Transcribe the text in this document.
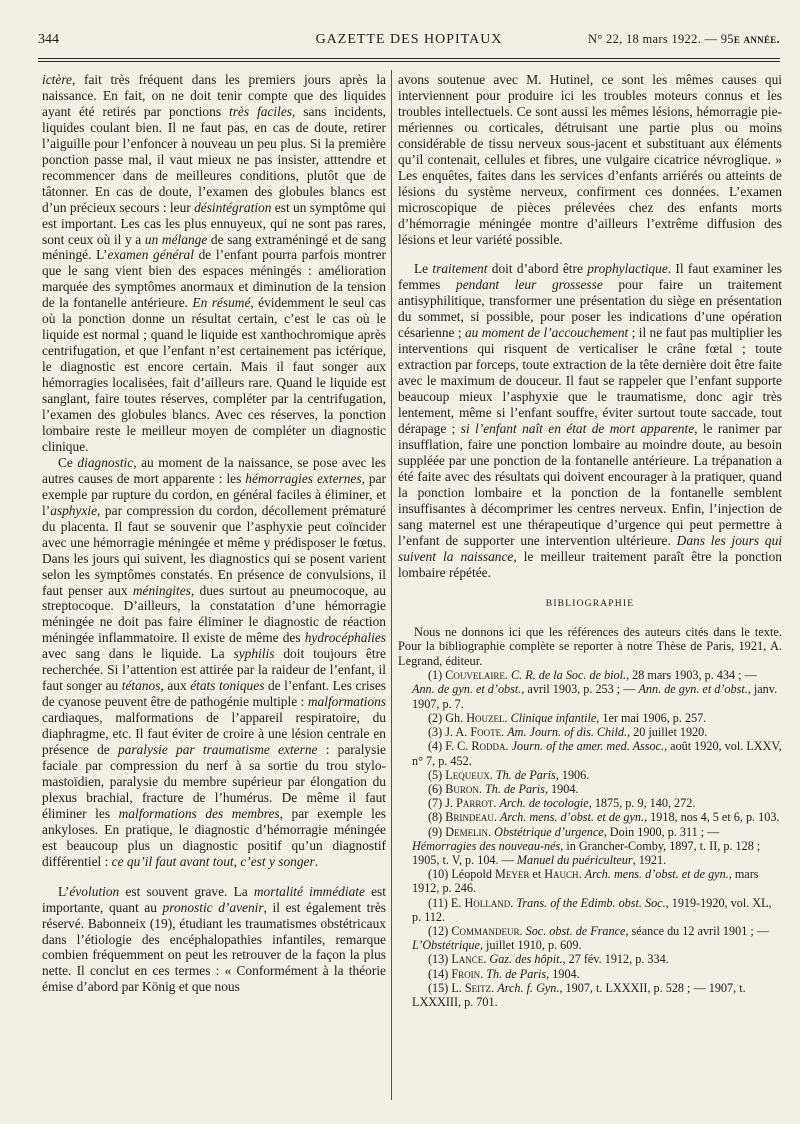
344	GAZETTE DES HOPITAUX	N° 22, 18 mars 1922. — 95e année.

ictère, fait très fréquent dans les premiers jours après la naissance. En fait, on ne doit tenir compte que des liquides ayant été retirés par ponctions très faciles, sans incidents, liquides coulant bien. Il ne faut pas, en cas de doute, retirer l’aiguille pour l’enfoncer à nouveau un peu plus. Si la première ponction passe mal, il vaut mieux ne pas insister, atttendre et recommencer dans de meilleures conditions, plutôt que de tâtonner. En cas de doute, l’examen des globules blancs est d’un précieux secours : leur désintégration est un symptôme qui est important. Les cas les plus ennuyeux, qui ne sont pas rares, sont ceux où il y a un mélange de sang extraméningé et de sang méningé. L’examen général de l’enfant pourra parfois montrer que le sang vient bien des espaces méningés : amélioration marquée des symptômes anormaux et diminution de la tension de la fontanelle antérieure. En résumé, évidemment le seul cas où la ponction donne un résultat certain, c’est le cas où le liquide est normal ; quand le liquide est xanthochromique après centrifugation, et que l’enfant n’est certainement pas ictérique, le diagnostic est encore certain. Mais il faut songer aux hémorragies localisées, fait d’ailleurs rare. Quand le liquide est sanglant, faire toutes réserves, compléter par la centrifugation, l’examen des globules blancs. Avec ces réserves, la ponction lombaire reste le meilleur moyen de compléter un diagnostic clinique.

Ce diagnostic, au moment de la naissance, se pose avec les autres causes de mort apparente : les hémorragies externes, par exemple par rupture du cordon, en général faciles à éliminer, et l’asphyxie, par compression du cordon, décollement prématuré du placenta. Il faut se souvenir que l’asphyxie peut coïncider avec une hémorragie méningée et même y prédisposer le fœtus. Dans les jours qui suivent, les diagnostics qui se posent varient selon les symptômes constatés. En présence de convulsions, il faut penser aux méningites, dues surtout au pneumocoque, au streptocoque. D’ailleurs, la constatation d’une hémorragie méningée ne doit pas faire éliminer le diagnostic de réaction méningée inflammatoire. Il existe de même des hydrocéphalies avec sang dans le liquide. La syphilis doit toujours être recherchée. Si l’attention est attirée par la raideur de l’enfant, il faut songer au tétanos, aux états toniques de l’enfant. Les crises de cyanose peuvent être de pathogénie multiple : malformations cardiaques, malformations de l’appareil respiratoire, du diaphragme, etc. Il faut éviter de croire à une lésion centrale en présence de paralysie par traumatisme externe : paralysie faciale par compression du nerf à sa sortie du trou stylo-mastoïdien, paralysie du membre supérieur par élongation du plexus brachial, fracture de l’humérus. De même il faut éliminer les malformations des membres, par exemple les ankyloses. En pratique, le diagnostic d’hémorragie méningée est beaucoup plus un diagnostic positif qu’un diagnostif différentiel : ce qu’il faut avant tout, c’est y songer.

L’évolution est souvent grave. La mortalité immédiate est importante, quant au pronostic d’avenir, il est également très réservé. Babonneix (19), étudiant les traumatismes obstétricaux dans l’étiologie des encéphalopathies infantiles, remarque combien fréquemment on peut les retrouver de la façon la plus nette. Il conclut en ces termes : « Conformément à la théorie émise d’abord par König et que nous

avons soutenue avec M. Hutinel, ce sont les mêmes causes qui interviennent pour produire ici les troubles moteurs connus et les troubles intellectuels. Ce sont aussi les mêmes lésions, hémorragie pie-mériennes ou corticales, détruisant une partie plus ou moins considérable de tissu nerveux sous-jacent et substituant aux éléments qu’il contenait, cellules et fibres, une vulgaire cicatrice névroglique. » Les enquêtes, faites dans les services d’enfants arriérés ou atteints de lésions du système nerveux, confirment ces données. L’examen microscopique de pièces prélevées chez des enfants morts d’hémorragie méningée montre d’ailleurs l’extrême diffusion des lésions et leur variété possible.

Le traitement doit d’abord être prophylactique. Il faut examiner les femmes pendant leur grossesse pour faire un traitement antisyphilitique, transformer une présentation du siège en présentation du sommet, si possible, pour poser les indications d’une opération césarienne ; au moment de l’accouchement ; il ne faut pas multiplier les interventions qui risquent de verticaliser le crâne fœtal ; toute extraction par forceps, toute extraction de la tête dernière doit être faite avec le maximum de douceur. Il faut se rappeler que l’enfant supporte beaucoup mieux l’asphyxie que le traumatisme, donc agir très lentement, même si l’enfant souffre, éviter surtout toute saccade, tout dérapage ; si l’enfant naît en état de mort apparente, le ranimer par insufflation, faire une ponction lombaire au moindre doute, au besoin suppléée par une ponction de la fontanelle antérieure. La trépanation a été faite avec des résultats qui doivent encourager à la pratiquer, quand la ponction lombaire et la ponction de la fontanelle semblent insuffisantes à décomprimer les centres nerveux. Enfin, l’injection de sang maternel est une thérapeutique d’urgence qui peut permettre à l’enfant de supporter une intervention ultérieure. Dans les jours qui suivent la naissance, le meilleur traitement paraît être la ponction lombaire répétée.

BIBLIOGRAPHIE

Nous ne donnons ici que les références des auteurs cités dans le texte. Pour la bibliographie complète se reporter à notre Thèse de Paris, 1921, A. Legrand, éditeur.

(1) Couvelaire. C. R. de la Soc. de biol., 28 mars 1903, p. 434 ; — Ann. de gyn. et d’obst., avril 1903, p. 253 ; — Ann. de gyn. et d’obst., janv. 1907, p. 7.

(2) Gh. Houzel. Clinique infantile, 1er mai 1906, p. 257.

(3) J. A. Foote. Am. Journ. of dis. Child., 20 juillet 1920.

(4) F. C. Rodda. Journ. of the amer. med. Assoc., août 1920, vol. LXXV, n° 7, p. 452.

(5) Lequeux. Th. de Paris, 1906.

(6) Buron. Th. de Paris, 1904.

(7) J. Parrot. Arch. de tocologie, 1875, p. 9, 140, 272.

(8) Brindeau. Arch. mens. d’obst. et de gyn., 1918, nos 4, 5 et 6, p. 103.

(9) Demelin. Obstétrique d’urgence, Doin 1900, p. 311 ; — Hémorragies des nouveau-nés, in Grancher-Comby, 1897, t. II, p. 128 ; 1905, t. V, p. 104. — Manuel du puériculteur, 1921.

(10) Léopold Meyer et Hauch. Arch. mens. d’obst. et de gyn., mars 1912, p. 246.

(11) E. Holland. Trans. of the Edimb. obst. Soc., 1919-1920, vol. XL, p. 112.

(12) Commandeur. Soc. obst. de France, séance du 12 avril 1901 ; — L’Obstétrique, juillet 1910, p. 609.

(13) Lance. Gaz. des hôpit., 27 fév. 1912, p. 334.

(14) Froin. Th. de Paris, 1904.

(15) L. Seitz. Arch. f. Gyn., 1907, t. LXXXII, p. 528 ; — 1907, t. LXXXIII, p. 701.
